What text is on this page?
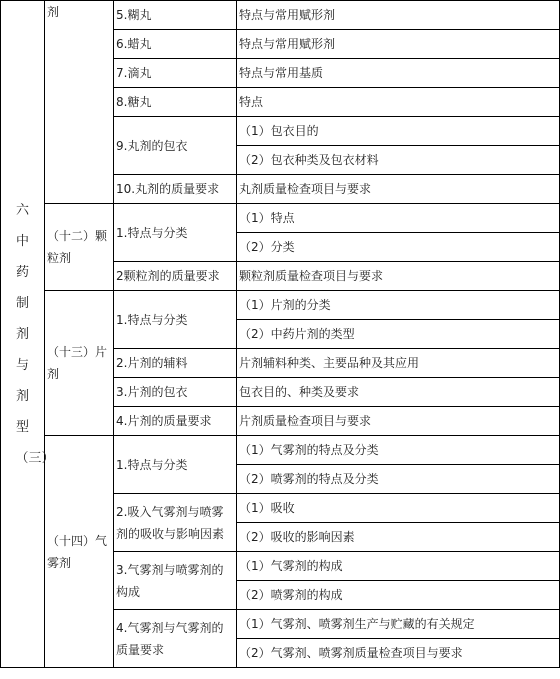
六中药制剂与剂型（三）	剂	5.糊丸	特点与常用赋形剂
		6.蜡丸	特点与常用赋形剂
		7.滴丸	特点与常用基质
		8.糖丸	特点
		9.丸剂的包衣	（1）包衣目的
			（2）包衣种类及包衣材料
		10.丸剂的质量要求	丸剂质量检查项目与要求
	（十二）颗粒剂	1.特点与分类	（1）特点
			（2）分类
		2颗粒剂的质量要求	颗粒剂质量检查项目与要求
	（十三）片剂	1.特点与分类	（1）片剂的分类
			（2）中药片剂的类型
		2.片剂的辅料	片剂辅料种类、主要品种及其应用
		3.片剂的包衣	包衣目的、种类及要求
		4.片剂的质量要求	片剂质量检查项目与要求
	（十四）气雾剂	1.特点与分类	（1）气雾剂的特点及分类
			（2）喷雾剂的特点及分类
		2.吸入气雾剂与喷雾剂的吸收与影响因素	（1）吸收
			（2）吸收的影响因素
		3.气雾剂与喷雾剂的构成	（1）气雾剂的构成
			（2）喷雾剂的构成
		4.气雾剂与气雾剂的质量要求	（1）气雾剂、喷雾剂生产与贮藏的有关规定
			（2）气雾剂、喷雾剂质量检查项目与要求
